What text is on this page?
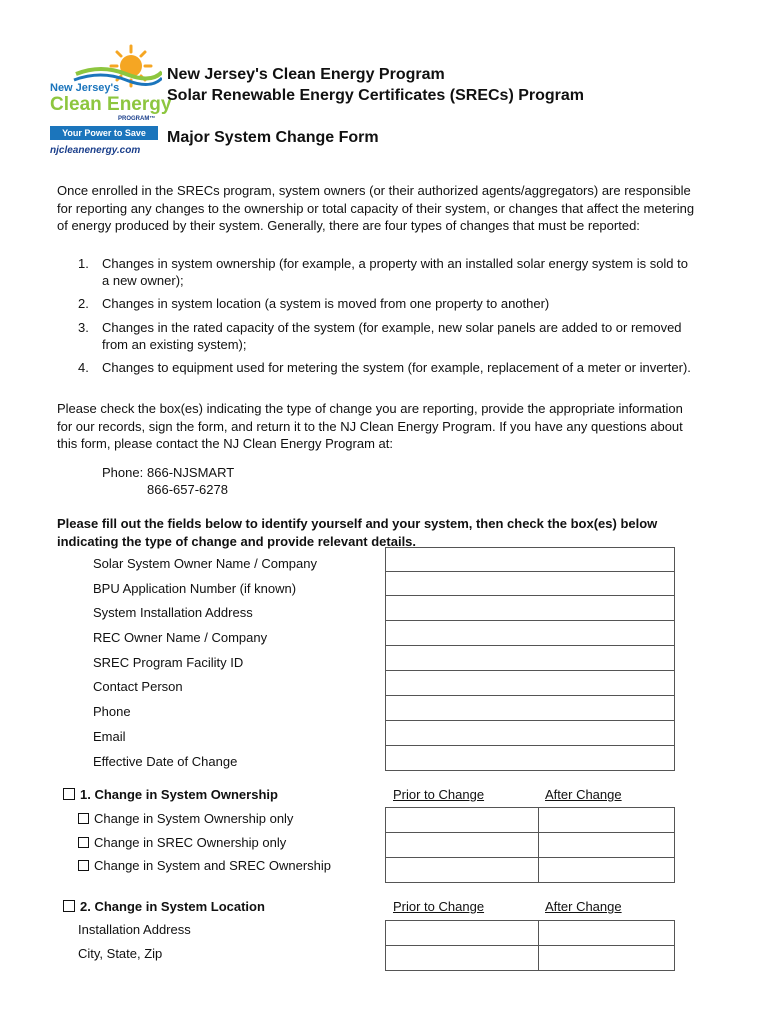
New Jersey's
Clean Energy
PROGRAM™
Your Power to Save
njcleanenergy.com
New Jersey's Clean Energy Program
Solar Renewable Energy Certificates (SRECs) Program
Major System Change Form
Once enrolled in the SRECs program, system owners (or their authorized agents/aggregators) are responsible for reporting any changes to the ownership or total capacity of their system, or changes that affect the metering of energy produced by their system. Generally, there are four types of changes that must be reported:
1. Changes in system ownership (for example, a property with an installed solar energy system is sold to a new owner);
2. Changes in system location (a system is moved from one property to another)
3. Changes in the rated capacity of the system (for example, new solar panels are added to or removed from an existing system);
4. Changes to equipment used for metering the system (for example, replacement of a meter or inverter).
Please check the box(es) indicating the type of change you are reporting, provide the appropriate information for our records, sign the form, and return it to the NJ Clean Energy Program. If you have any questions about this form, please contact the NJ Clean Energy Program at:
Phone: 866-NJSMART
866-657-6278
Please fill out the fields below to identify yourself and your system, then check the box(es) below indicating the type of change and provide relevant details.
Solar System Owner Name / Company
BPU Application Number (if known)
System Installation Address
REC Owner Name / Company
SREC Program Facility ID
Contact Person
Phone
Email
Effective Date of Change
1. Change in System Ownership	Prior to Change	After Change
Change in System Ownership only
Change in SREC Ownership only
Change in System and SREC Ownership
2. Change in System Location	Prior to Change	After Change
Installation Address
City, State, Zip
